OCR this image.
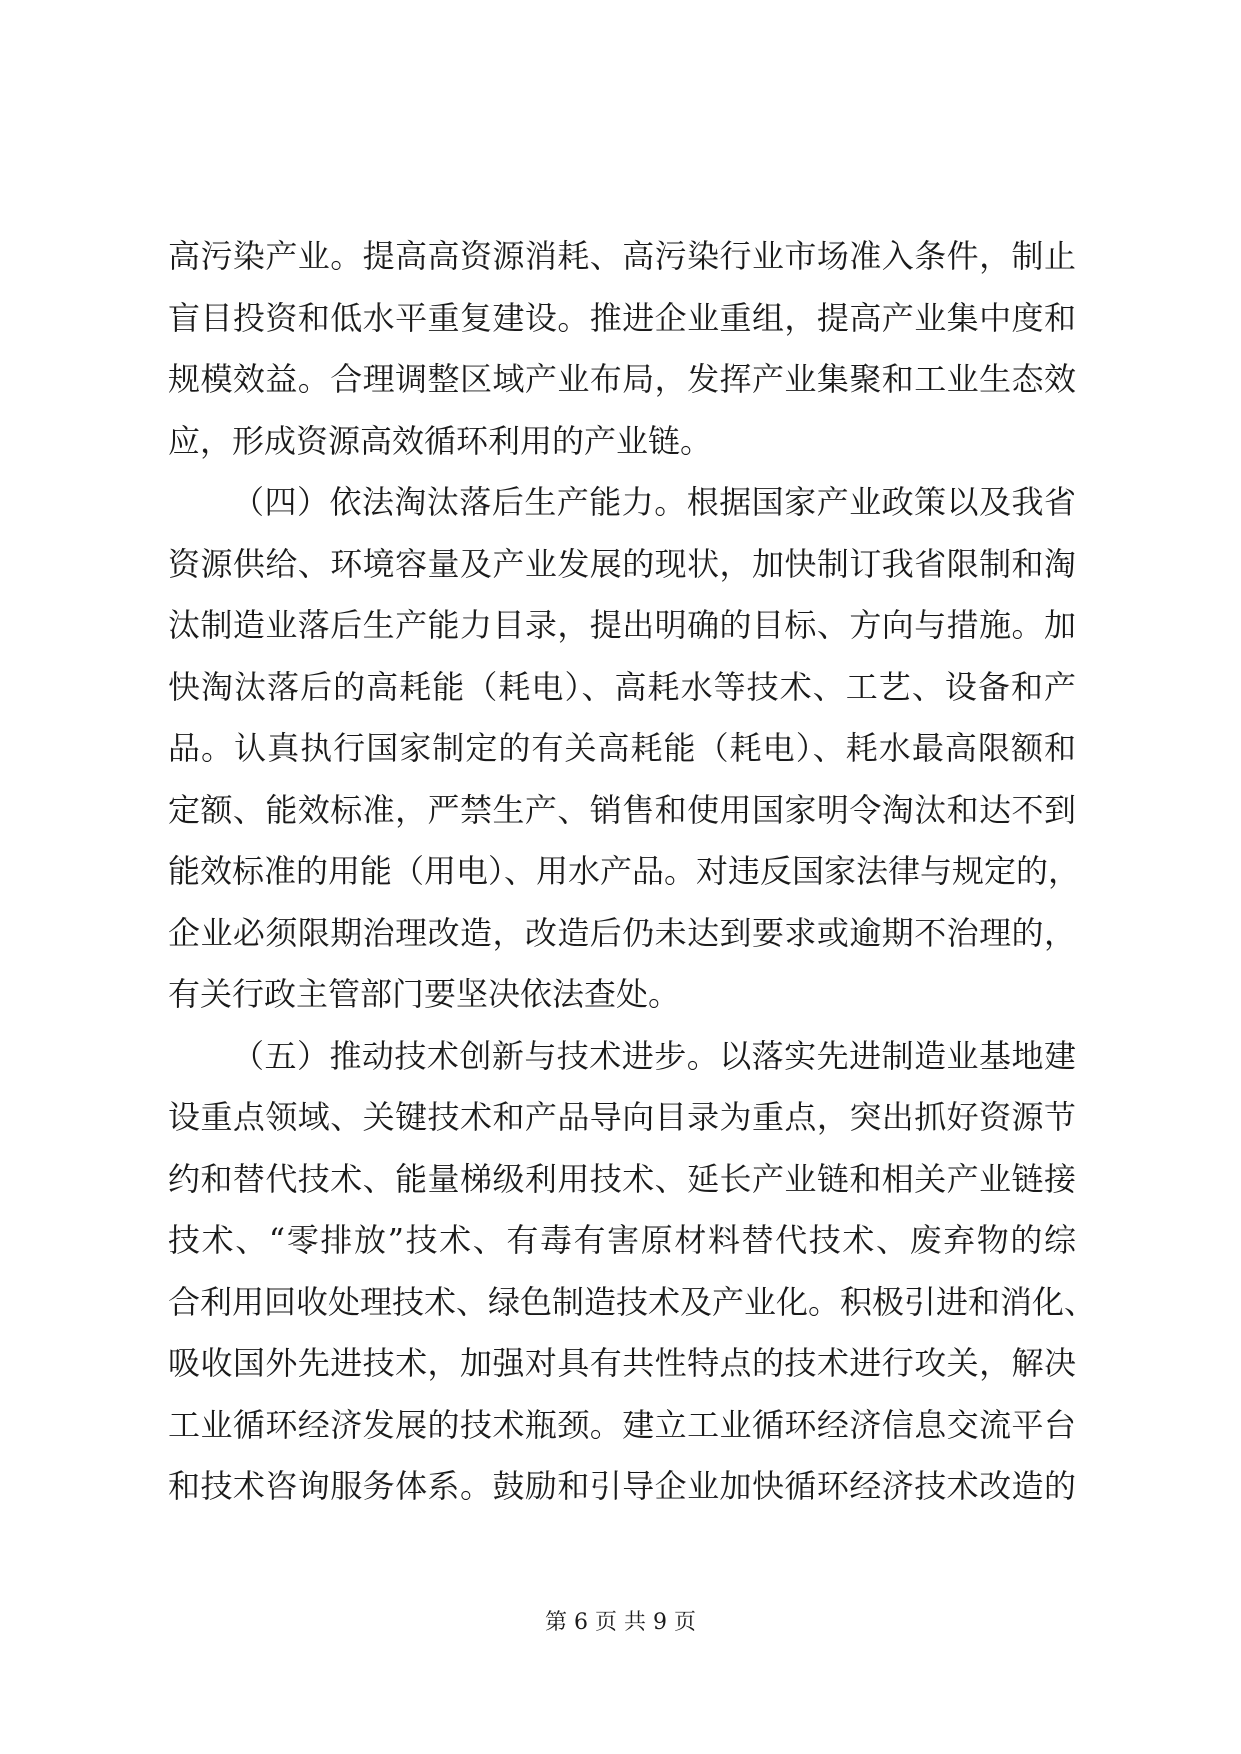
高污染产业。提高高资源消耗、高污染行业市场准入条件，制止
盲目投资和低水平重复建设。推进企业重组，提高产业集中度和
规模效益。合理调整区域产业布局，发挥产业集聚和工业生态效
应，形成资源高效循环利用的产业链。
（四）依法淘汰落后生产能力。根据国家产业政策以及我省
资源供给、环境容量及产业发展的现状，加快制订我省限制和淘
汰制造业落后生产能力目录，提出明确的目标、方向与措施。加
快淘汰落后的高耗能（耗电）、高耗水等技术、工艺、设备和产
品。认真执行国家制定的有关高耗能（耗电）、耗水最高限额和
定额、能效标准，严禁生产、销售和使用国家明令淘汰和达不到
能效标准的用能（用电）、用水产品。对违反国家法律与规定的，
企业必须限期治理改造，改造后仍未达到要求或逾期不治理的，
有关行政主管部门要坚决依法查处。
（五）推动技术创新与技术进步。以落实先进制造业基地建
设重点领域、关键技术和产品导向目录为重点，突出抓好资源节
约和替代技术、能量梯级利用技术、延长产业链和相关产业链接
技术、“零排放”技术、有毒有害原材料替代技术、废弃物的综
合利用回收处理技术、绿色制造技术及产业化。积极引进和消化、
吸收国外先进技术，加强对具有共性特点的技术进行攻关，解决
工业循环经济发展的技术瓶颈。建立工业循环经济信息交流平台
和技术咨询服务体系。鼓励和引导企业加快循环经济技术改造的
第 6 页 共 9 页
